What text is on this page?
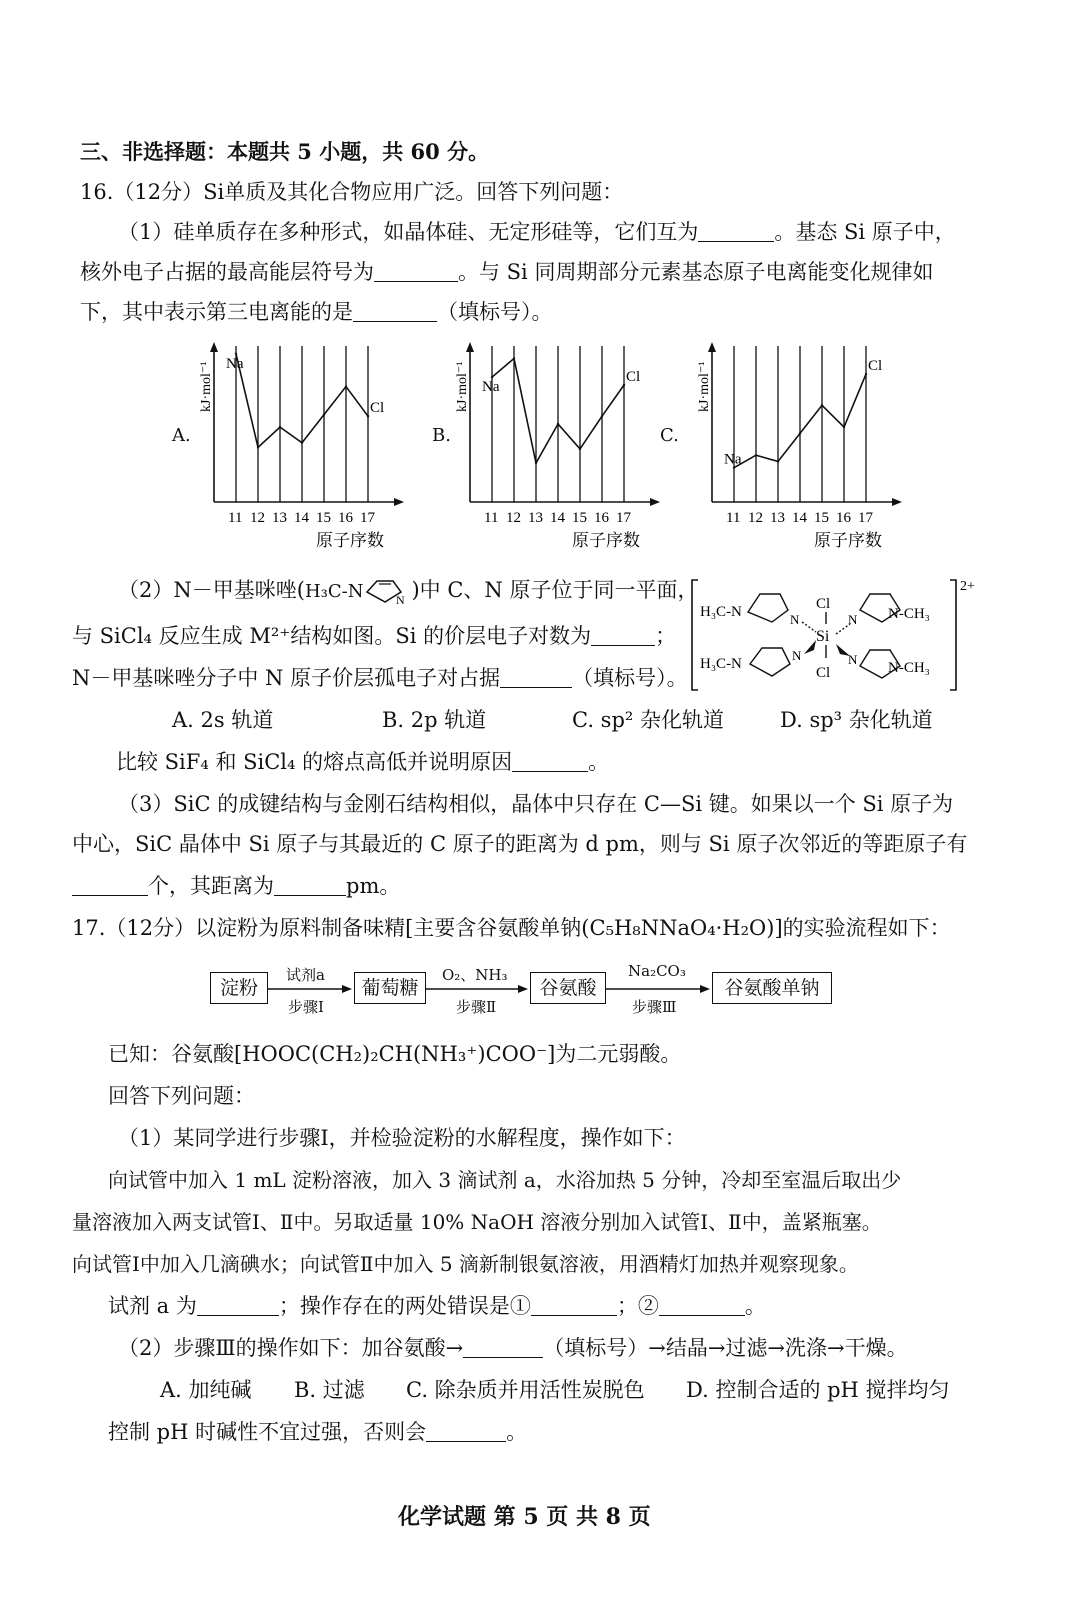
三、非选择题：本题共 5 小题，共 60 分。
16.（12分）Si单质及其化合物应用广泛。回答下列问题：
（1）硅单质存在多种形式，如晶体硅、无定形硅等，它们互为	。基态 Si 原子中，
核外电子占据的最高能层符号为	。与 Si 同周期部分元素基态原子电离能变化规律如
下，其中表示第三电离能的是	（填标号）。
A.	B.	C.
11 12 13 14 15 16 17
kJ·mol⁻¹
原子序数
Na
Cl
11 12 13 14 15 16 17
kJ·mol⁻¹
原子序数
Na
Cl
11 12 13 14 15 16 17
kJ·mol⁻¹
原子序数
Na
Cl
（2）N－甲基咪唑(H₃C-N	N )中 C、N 原子位于同一平面，
与 SiCl₄ 反应生成 M²⁺结构如图。Si 的价层电子对数为	；
N－甲基咪唑分子中 N 原子价层孤电子对占据	（填标号）。
2+
Cl
Si
Cl
H₃C-N
H₃C-N
N
N
N-CH₃
N-CH₃
N
N
A. 2s 轨道	B. 2p 轨道	C. sp² 杂化轨道	D. sp³ 杂化轨道
比较 SiF₄ 和 SiCl₄ 的熔点高低并说明原因	。
（3）SiC 的成键结构与金刚石结构相似，晶体中只存在 C—Si 键。如果以一个 Si 原子为
中心，SiC 晶体中 Si 原子与其最近的 C 原子的距离为 d pm，则与 Si 原子次邻近的等距原子有
个，其距离为	pm。
17.（12分）以淀粉为原料制备味精[主要含谷氨酸单钠(C₅H₈NNaO₄·H₂O)]的实验流程如下：
淀粉
试剂a
步骤Ⅰ
葡萄糖
O₂、NH₃
步骤Ⅱ
谷氨酸
Na₂CO₃
步骤Ⅲ
谷氨酸单钠
已知：谷氨酸[HOOC(CH₂)₂CH(NH₃⁺)COO⁻]为二元弱酸。
回答下列问题：
（1）某同学进行步骤Ⅰ，并检验淀粉的水解程度，操作如下：
向试管中加入 1 mL 淀粉溶液，加入 3 滴试剂 a，水浴加热 5 分钟，冷却至室温后取出少
量溶液加入两支试管Ⅰ、Ⅱ中。另取适量 10% NaOH 溶液分别加入试管Ⅰ、Ⅱ中，盖紧瓶塞。
向试管Ⅰ中加入几滴碘水；向试管Ⅱ中加入 5 滴新制银氨溶液，用酒精灯加热并观察现象。
试剂 a 为	；操作存在的两处错误是①	；②	。
（2）步骤Ⅲ的操作如下：加谷氨酸→	（填标号）→结晶→过滤→洗涤→干燥。
A. 加纯碱 B. 过滤 C. 除杂质并用活性炭脱色 D. 控制合适的 pH 搅拌均匀
控制 pH 时碱性不宜过强，否则会	。
化学试题 第 5 页 共 8 页
